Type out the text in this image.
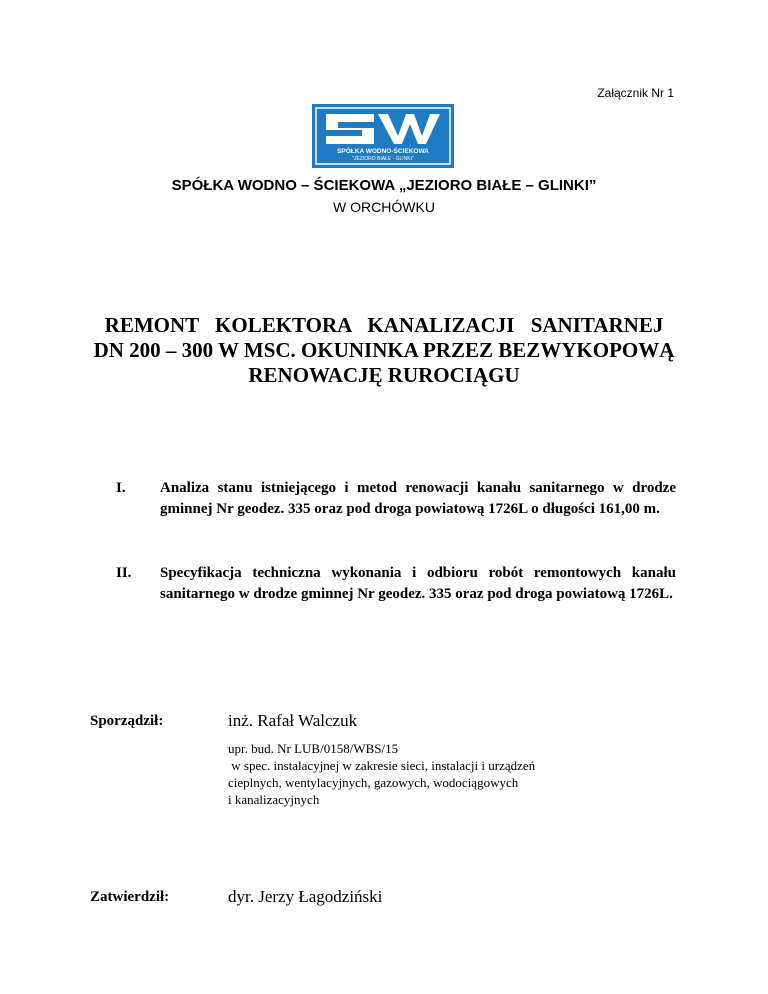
Załącznik Nr 1
SPÓŁKA WODNO-ŚCIEKOWA
"JEZIORO BIAŁE - GLINKI"
SPÓŁKA WODNO – ŚCIEKOWA „JEZIORO BIAŁE – GLINKI”
W ORCHÓWKU
REMONT KOLEKTORA KANALIZACJI SANITARNEJ
DN 200 – 300 W MSC. OKUNINKA PRZEZ BEZWYKOPOWĄ
RENOWACJĘ RUROCIĄGU
I. Analiza stanu istniejącego i metod renowacji kanału sanitarnego w drodze gminnej Nr geodez. 335 oraz pod droga powiatową 1726L o długości 161,00 m.
II. Specyfikacja techniczna wykonania i odbioru robót remontowych kanału sanitarnego w drodze gminnej Nr geodez. 335 oraz pod droga powiatową 1726L.
Sporządził:	inż. Rafał Walczuk
upr. bud. Nr LUB/0158/WBS/15
w spec. instalacyjnej w zakresie sieci, instalacji i urządzeń
cieplnych, wentylacyjnych, gazowych, wodociągowych
i kanalizacyjnych
Zatwierdził:	dyr. Jerzy Łagodziński
